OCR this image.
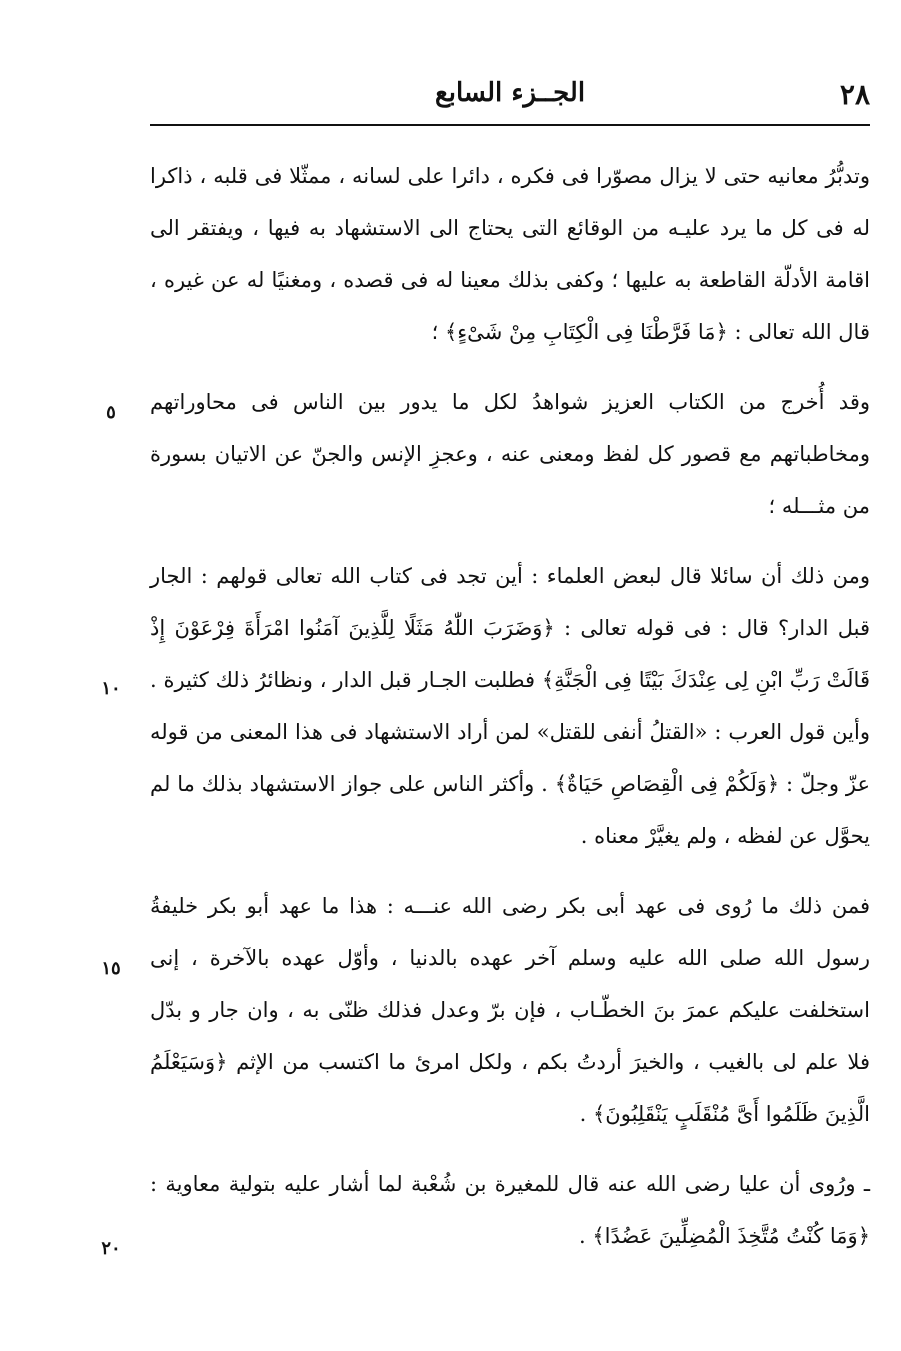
٢٨
الجــزء السابع

وتدبُّرُ معانيه حتى لا يزال مصوّرا فى فكره ، دائرا على لسانه ، ممثّلا فى قلبه ، ذاكرا له فى كل ما يرد عليـه من الوقائع التى يحتاج الى الاستشهاد به فيها ، ويفتقر الى اقامة الأدلّة القاطعة به عليها ؛ وكفى بذلك معينا له فى قصده ، ومغنيًا له عن غيره ، قال الله تعالى : ﴿مَا فَرَّطْنَا فِى الْكِتَابِ مِنْ شَىْءٍ﴾ ؛

وقد أُخرج من الكتاب العزيز شواهدُ لكل ما يدور بين الناس فى محاوراتهم ومخاطباتهم مع قصور كل لفظ ومعنى عنه ، وعجزِ الإنس والجنّ عن الاتيان بسورة من مثـــله ؛

ومن ذلك أن سائلا قال لبعض العلماء : أين تجد فى كتاب الله تعالى قولهم : الجار قبل الدار؟ قال : فى قوله تعالى : ﴿وَضَرَبَ اللّٰهُ مَثَلًا لِلَّذِينَ آمَنُوا امْرَأَةَ فِرْعَوْنَ إِذْ قَالَتْ رَبِّ ابْنِ لِى عِنْدَكَ بَيْتًا فِى الْجَنَّةِ﴾ فطلبت الجـار قبل الدار ، ونظائرُ ذلك كثيرة . وأين قول العرب : «القتلُ أنفى للقتل» لمن أراد الاستشهاد فى هذا المعنى من قوله عزّ وجلّ : ﴿وَلَكُمْ فِى الْقِصَاصِ حَيَاةٌ﴾ . وأكثر الناس على جواز الاستشهاد بذلك ما لم يحوَّل عن لفظه ، ولم يغيَّرْ معناه .

فمن ذلك ما رُوى فى عهد أبى بكر رضى الله عنـــه : هذا ما عهد أبو بكر خليفةُ رسول الله صلى الله عليه وسلم آخر عهده بالدنيا ، وأوّل عهده بالآخرة ، إنى استخلفت عليكم عمرَ بنَ الخطّـاب ، فإن برّ وعدل فذلك ظنّى به ، وان جار و بدّل فلا علم لى بالغيب ، والخيرَ أردتُ بكم ، ولكل امرئ ما اكتسب من الإثم ﴿وَسَيَعْلَمُ الَّذِينَ ظَلَمُوا أَىَّ مُنْقَلَبٍ يَنْقَلِبُونَ﴾ .

ـ ورُوى أن عليا رضى الله عنه قال للمغيرة بن شُعْبة لما أشار عليه بتولية معاوية : ﴿وَمَا كُنْتُ مُتَّخِذَ الْمُضِلِّينَ عَضُدًا﴾ .

٥
١٠
١٥
٢٠
